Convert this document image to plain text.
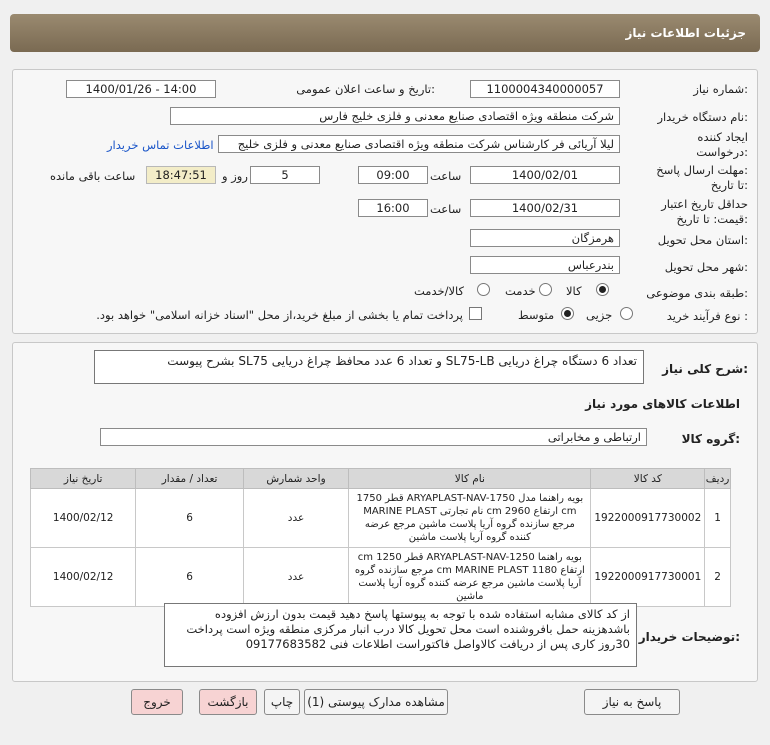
جزئیات اطلاعات نیاز
شماره نیاز:
1100004340000057
تاریخ و ساعت اعلان عمومی:
1400/01/26 - 14:00
نام دستگاه خریدار:
شرکت منطقه ویژه اقتصادی صنایع معدنی و فلزی خلیج فارس
ایجاد کننده
درخواست:
لیلا آریائی فر کارشناس شرکت منطقه ویژه اقتصادی صنایع معدنی و فلزی خلیج
اطلاعات تماس خریدار
مهلت ارسال پاسخ:
تا تاریخ:
1400/02/01
ساعت
09:00
5
روز و
18:47:51
ساعت باقی مانده
حداقل تاریخ اعتبار
قیمت: تا تاریخ:
1400/02/31
ساعت
16:00
استان محل تحویل:
هرمزگان
شهر محل تحویل:
بندرعباس
طبقه بندی موضوعی:
کالا
خدمت
کالا/خدمت
نوع فرآیند خرید :
جزیی
متوسط
پرداخت تمام یا بخشی از مبلغ خرید،از محل "اسناد خزانه اسلامی" خواهد بود.
شرح کلی نیاز:
تعداد 6 دستگاه چراغ دریایی SL75-LB و تعداد 6 عدد محافظ چراغ دریایی SL75 بشرح پیوست
اطلاعات کالاهای مورد نیاز
گروه کالا:
ارتباطی و مخابراتی
ردیف	کد کالا	نام کالا	واحد شمارش	تعداد / مقدار	تاریخ نیاز
1	1922000917730002	بویه راهنما مدل ARYAPLAST-NAV-1750 قطر 1750 cm ارتفاع 2960 cm نام تجارتی MARINE PLAST مرجع سازنده گروه آریا پلاست ماشین مرجع عرضه کننده گروه آریا پلاست ماشین	عدد	6	1400/02/12
2	1922000917730001	بویه راهنما ARYAPLAST-NAV-1250 قطر 1250 cm ارتفاع 1180 cm MARINE PLAST مرجع سازنده گروه آریا پلاست ماشین مرجع عرضه کننده گروه آریا پلاست ماشین	عدد	6	1400/02/12
توضیحات خریدار:
از کد کالای مشابه استفاده شده با توجه به پیوستها پاسخ دهید قیمت بدون ارزش افزوده باشدهزینه حمل بافروشنده است محل تحویل کالا درب انبار مرکزی منطقه ویژه است پرداخت 30روز کاری پس از دریافت کالاواصل فاکتوراست اطلاعات فنی 09177683582
پاسخ به نیاز
مشاهده مدارک پیوستی (1)
چاپ
بازگشت
خروج
